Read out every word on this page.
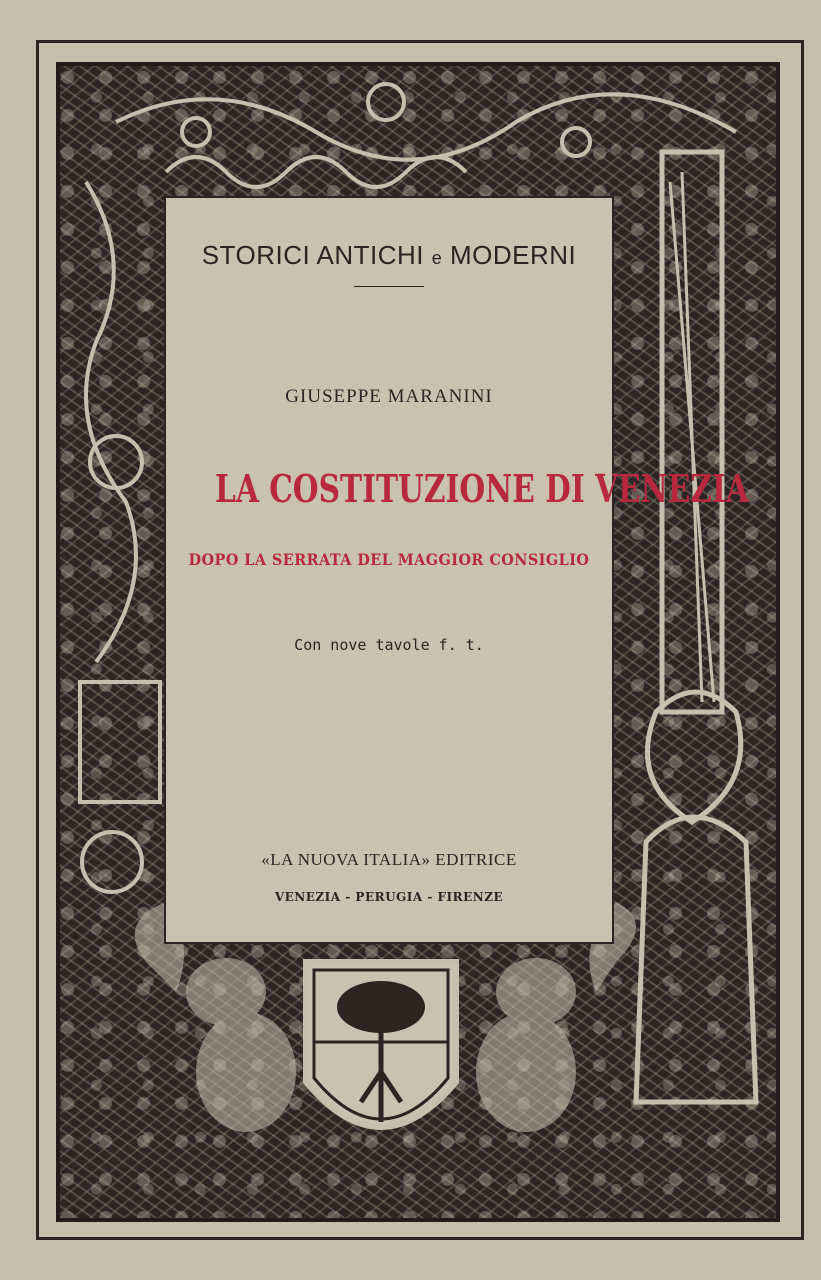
STORICI ANTICHI e MODERNI
GIUSEPPE MARANINI
LA COSTITUZIONE DI VENEZIA
DOPO LA SERRATA DEL MAGGIOR CONSIGLIO
Con nove tavole f. t.
«LA NUOVA ITALIA» EDITRICE
VENEZIA - PERUGIA - FIRENZE
